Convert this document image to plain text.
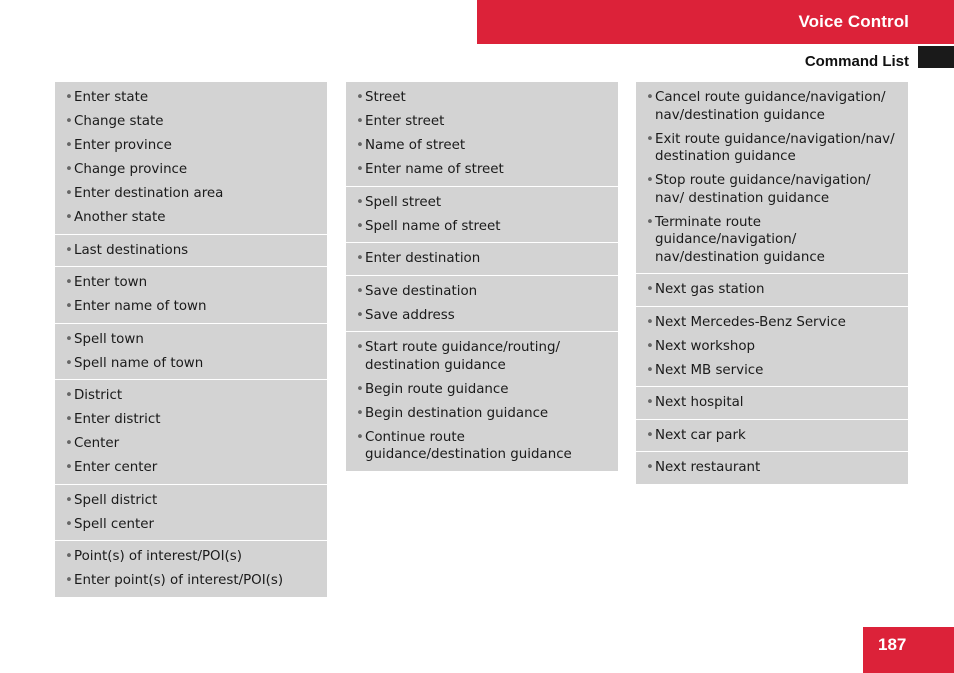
Voice Control
Command List
• Enter state
• Change state
• Enter province
• Change province
• Enter destination area
• Another state
• Last destinations
• Enter town
• Enter name of town
• Spell town
• Spell name of town
• District
• Enter district
• Center
• Enter center
• Spell district
• Spell center
• Point(s) of interest/POI(s)
• Enter point(s) of interest/POI(s)
• Street
• Enter street
• Name of street
• Enter name of street
• Spell street
• Spell name of street
• Enter destination
• Save destination
• Save address
• Start route guidance/routing/ destination guidance
• Begin route guidance
• Begin destination guidance
• Continue route guidance/destination guidance
• Cancel route guidance/navigation/ nav/destination guidance
• Exit route guidance/navigation/nav/ destination guidance
• Stop route guidance/navigation/ nav/ destination guidance
• Terminate route guidance/navigation/ nav/destination guidance
• Next gas station
• Next Mercedes-Benz Service
• Next workshop
• Next MB service
• Next hospital
• Next car park
• Next restaurant
187
